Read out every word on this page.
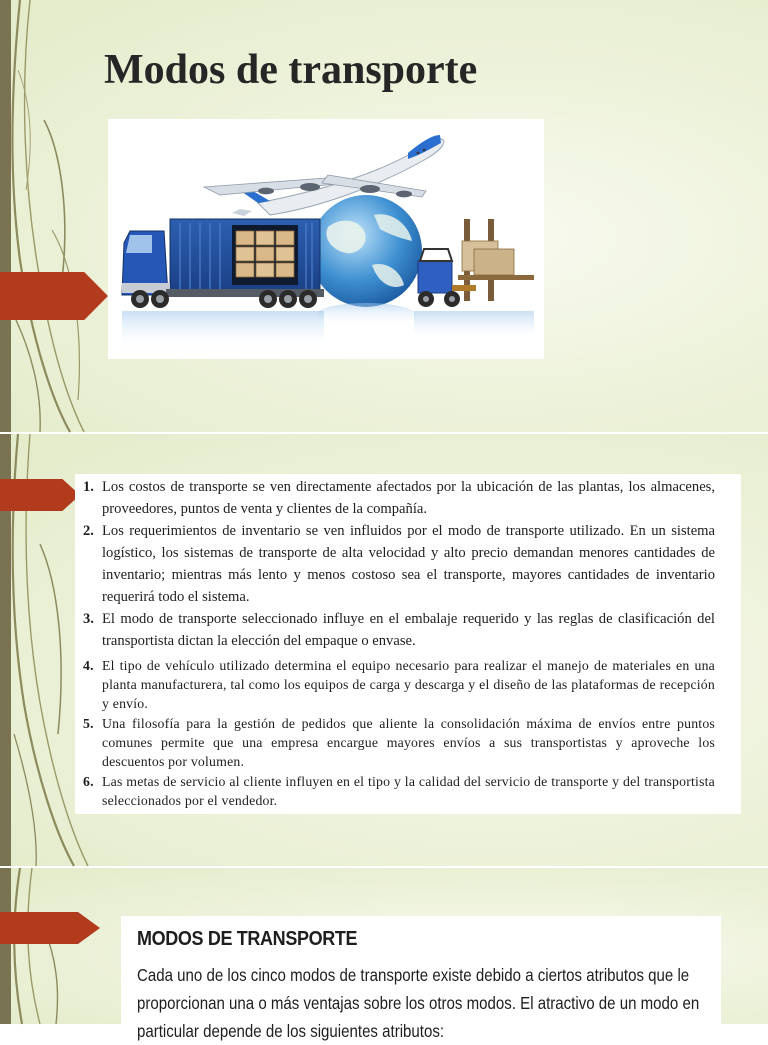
Modos de transporte
1. Los costos de transporte se ven directamente afectados por la ubicación de las plantas, los almacenes, proveedores, puntos de venta y clientes de la compañía.
2. Los requerimientos de inventario se ven influidos por el modo de transporte utilizado. En un sistema logístico, los sistemas de transporte de alta velocidad y alto precio demandan menores cantidades de inventario; mientras más lento y menos costoso sea el transporte, mayores cantidades de inventario requerirá todo el sistema.
3. El modo de transporte seleccionado influye en el embalaje requerido y las reglas de clasificación del transportista dictan la elección del empaque o envase.
4. El tipo de vehículo utilizado determina el equipo necesario para realizar el manejo de materiales en una planta manufacturera, tal como los equipos de carga y descarga y el diseño de las plataformas de recepción y envío.
5. Una filosofía para la gestión de pedidos que aliente la consolidación máxima de envíos entre puntos comunes permite que una empresa encargue mayores envíos a sus transportistas y aproveche los descuentos por volumen.
6. Las metas de servicio al cliente influyen en el tipo y la calidad del servicio de transporte y del transportista seleccionados por el vendedor.
MODOS DE TRANSPORTE

Cada uno de los cinco modos de transporte existe debido a ciertos atributos que le proporcionan una o más ventajas sobre los otros modos. El atractivo de un modo en particular depende de los siguientes atributos:
